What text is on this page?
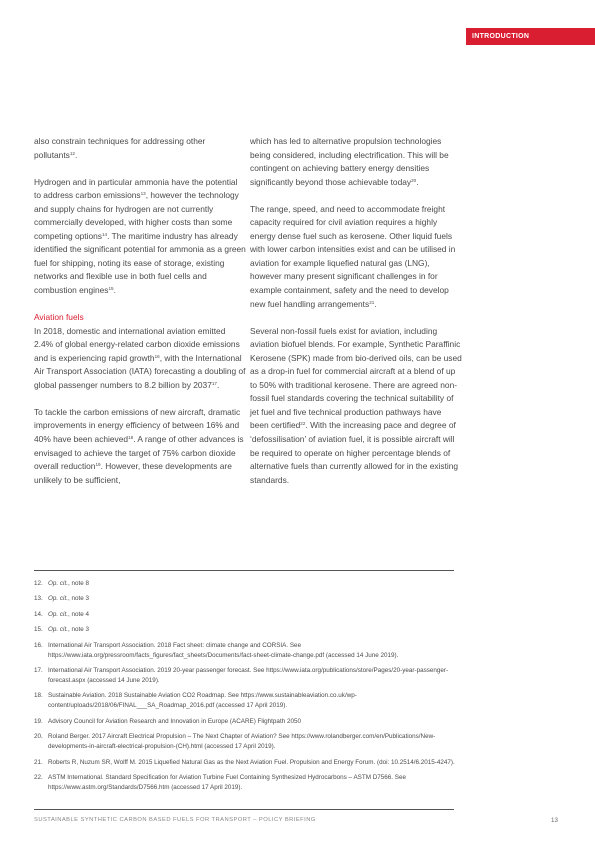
INTRODUCTION

also constrain techniques for addressing other pollutants$^{12}$.

Hydrogen and in particular ammonia have the potential to address carbon emissions$^{13}$, however the technology and supply chains for hydrogen are not currently commercially developed, with higher costs than some competing options$^{14}$. The maritime industry has already identified the significant potential for ammonia as a green fuel for shipping, noting its ease of storage, existing networks and flexible use in both fuel cells and combustion engines$^{15}$.

Aviation fuels

In 2018, domestic and international aviation emitted 2.4% of global energy-related carbon dioxide emissions and is experiencing rapid growth$^{16}$, with the International Air Transport Association (IATA) forecasting a doubling of global passenger numbers to 8.2 billion by 2037$^{17}$.

To tackle the carbon emissions of new aircraft, dramatic improvements in energy efficiency of between 16% and 40% have been achieved$^{18}$. A range of other advances is envisaged to achieve the target of 75% carbon dioxide overall reduction$^{19}$. However, these developments are unlikely to be sufficient,

which has led to alternative propulsion technologies being considered, including electrification. This will be contingent on achieving battery energy densities significantly beyond those achievable today$^{20}$.

The range, speed, and need to accommodate freight capacity required for civil aviation requires a highly energy dense fuel such as kerosene. Other liquid fuels with lower carbon intensities exist and can be utilised in aviation for example liquefied natural gas (LNG), however many present significant challenges in for example containment, safety and the need to develop new fuel handling arrangements$^{21}$.

Several non-fossil fuels exist for aviation, including aviation biofuel blends. For example, Synthetic Paraffinic Kerosene (SPK) made from bio-derived oils, can be used as a drop-in fuel for commercial aircraft at a blend of up to 50% with traditional kerosene. There are agreed non-fossil fuel standards covering the technical suitability of jet fuel and five technical production pathways have been certified$^{22}$. With the increasing pace and degree of ‘defossilisation’ of aviation fuel, it is possible aircraft will be required to operate on higher percentage blends of alternative fuels than currently allowed for in the existing standards.

12. Op. cit., note 8
13. Op. cit., note 3
14. Op. cit., note 4
15. Op. cit., note 3
16. International Air Transport Association. 2018 Fact sheet: climate change and CORSIA. See https://www.iata.org/pressroom/facts_figures/fact_sheets/Documents/fact-sheet-climate-change.pdf (accessed 14 June 2019).
17. International Air Transport Association. 2019 20-year passenger forecast. See https://www.iata.org/publications/store/Pages/20-year-passenger-forecast.aspx (accessed 14 June 2019).
18. Sustainable Aviation. 2018 Sustainable Aviation CO2 Roadmap. See https://www.sustainableaviation.co.uk/wp-content/uploads/2018/06/FINAL___SA_Roadmap_2016.pdf (accessed 17 April 2019).
19. Advisory Council for Aviation Research and Innovation in Europe (ACARE) Flightpath 2050
20. Roland Berger. 2017 Aircraft Electrical Propulsion – The Next Chapter of Aviation? See https://www.rolandberger.com/en/Publications/New-developments-in-aircraft-electrical-propulsion-(CH).html (accessed 17 April 2019).
21. Roberts R, Nuzum SR, Wolff M. 2015 Liquefied Natural Gas as the Next Aviation Fuel. Propulsion and Energy Forum. (doi: 10.2514/6.2015-4247).
22. ASTM International. Standard Specification for Aviation Turbine Fuel Containing Synthesized Hydrocarbons – ASTM D7566. See https://www.astm.org/Standards/D7566.htm (accessed 17 April 2019).
SUSTAINABLE SYNTHETIC CARBON BASED FUELS FOR TRANSPORT – POLICY BRIEFING	13
